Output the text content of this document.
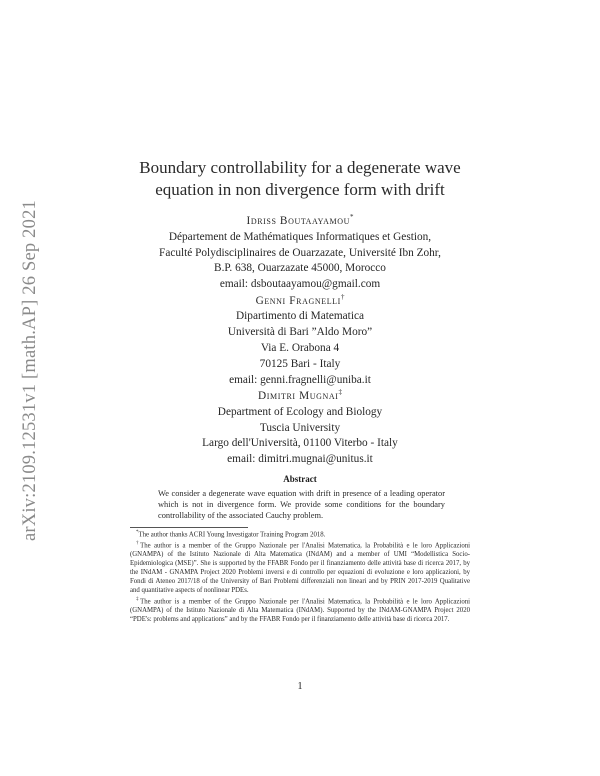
arXiv:2109.12531v1 [math.AP] 26 Sep 2021
Boundary controllability for a degenerate wave
equation in non divergence form with drift
Idriss Boutaayamou*
Département de Mathématiques Informatiques et Gestion,
Faculté Polydisciplinaires de Ouarzazate, Université Ibn Zohr,
B.P. 638, Ouarzazate 45000, Morocco
email: dsboutaayamou@gmail.com
Genni Fragnelli†
Dipartimento di Matematica
Università di Bari ”Aldo Moro”
Via E. Orabona 4
70125 Bari - Italy
email: genni.fragnelli@uniba.it
Dimitri Mugnai‡
Department of Ecology and Biology
Tuscia University
Largo dell'Università, 01100 Viterbo - Italy
email: dimitri.mugnai@unitus.it
Abstract
We consider a degenerate wave equation with drift in presence of a leading operator which is not in divergence form. We provide some conditions for the boundary controllability of the associated Cauchy problem.

*The author thanks ACRI Young Investigator Training Program 2018.

†The author is a member of the Gruppo Nazionale per l'Analisi Matematica, la Probabilità e le loro Applicazioni (GNAMPA) of the Istituto Nazionale di Alta Matematica (INdAM) and a member of UMI “Modellistica Socio-Epidemiologica (MSE)”. She is supported by the FFABR Fondo per il finanziamento delle attività base di ricerca 2017, by the INdAM - GNAMPA Project 2020 Problemi inversi e di controllo per equazioni di evoluzione e loro applicazioni, by Fondi di Ateneo 2017/18 of the University of Bari Problemi differenziali non lineari and by PRIN 2017-2019 Qualitative and quantitative aspects of nonlinear PDEs.

‡The author is a member of the Gruppo Nazionale per l'Analisi Matematica, la Probabilità e le loro Applicazioni (GNAMPA) of the Istituto Nazionale di Alta Matematica (INdAM). Supported by the INdAM-GNAMPA Project 2020 “PDE's: problems and applications” and by the FFABR Fondo per il finanziamento delle attività base di ricerca 2017.

1
